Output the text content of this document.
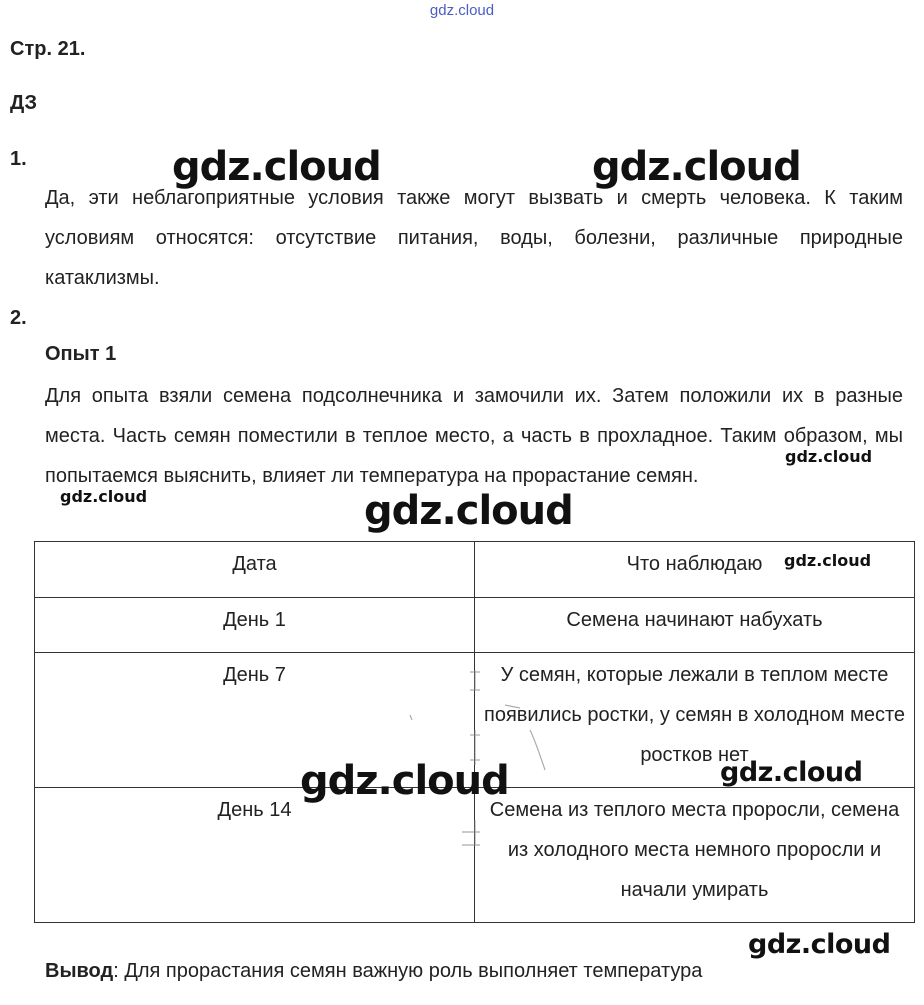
gdz.cloud
Стр. 21.
ДЗ
1.
Да, эти неблагоприятные условия также могут вызвать и смерть человека. К таким условиям относятся: отсутствие питания, воды, болезни, различные природные катаклизмы.
2.
Опыт 1
Для опыта взяли семена подсолнечника и замочили их. Затем положили их в разные места. Часть семян поместили в теплое место, а часть в прохладное. Таким образом, мы попытаемся выяснить, влияет ли температура на прорастание семян.
Дата	Что наблюдаю
День 1	Семена начинают набухать
День 7	У семян, которые лежали в теплом месте появились ростки, у семян в холодном месте ростков нет
День 14	Семена из теплого места проросли, семена из холодного места немного проросли и начали умирать
gdz.cloud	gdz.cloud
gdz.cloud
gdz.cloud	gdz.cloud
gdz.cloud
gdz.cloud	gdz.cloud
gdz.cloud
Вывод: Для прорастания семян важную роль выполняет температура
